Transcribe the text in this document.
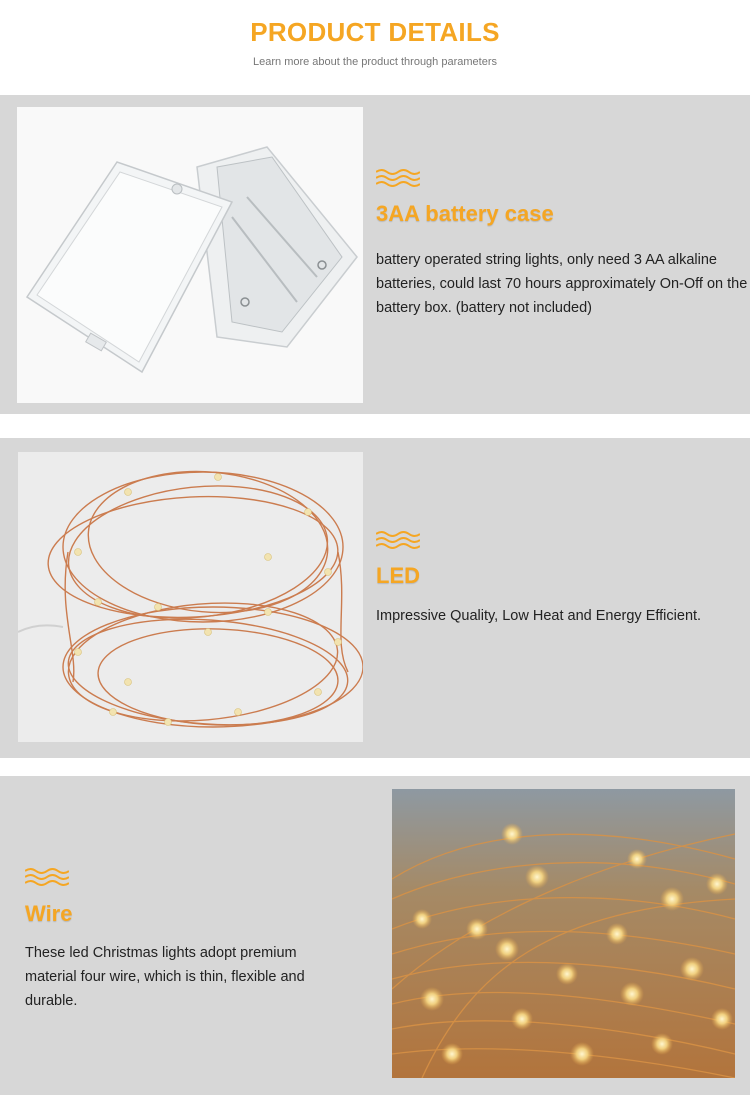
PRODUCT DETAILS
Learn more about the product through parameters
3AA battery case
battery operated string lights, only need 3 AA alkaline batteries, could last 70 hours approximately On-Off on the battery box. (battery not included)
LED
Impressive Quality, Low Heat and Energy Efficient.
Wire
These led Christmas lights adopt premium material four wire, which is thin, flexible and durable.
